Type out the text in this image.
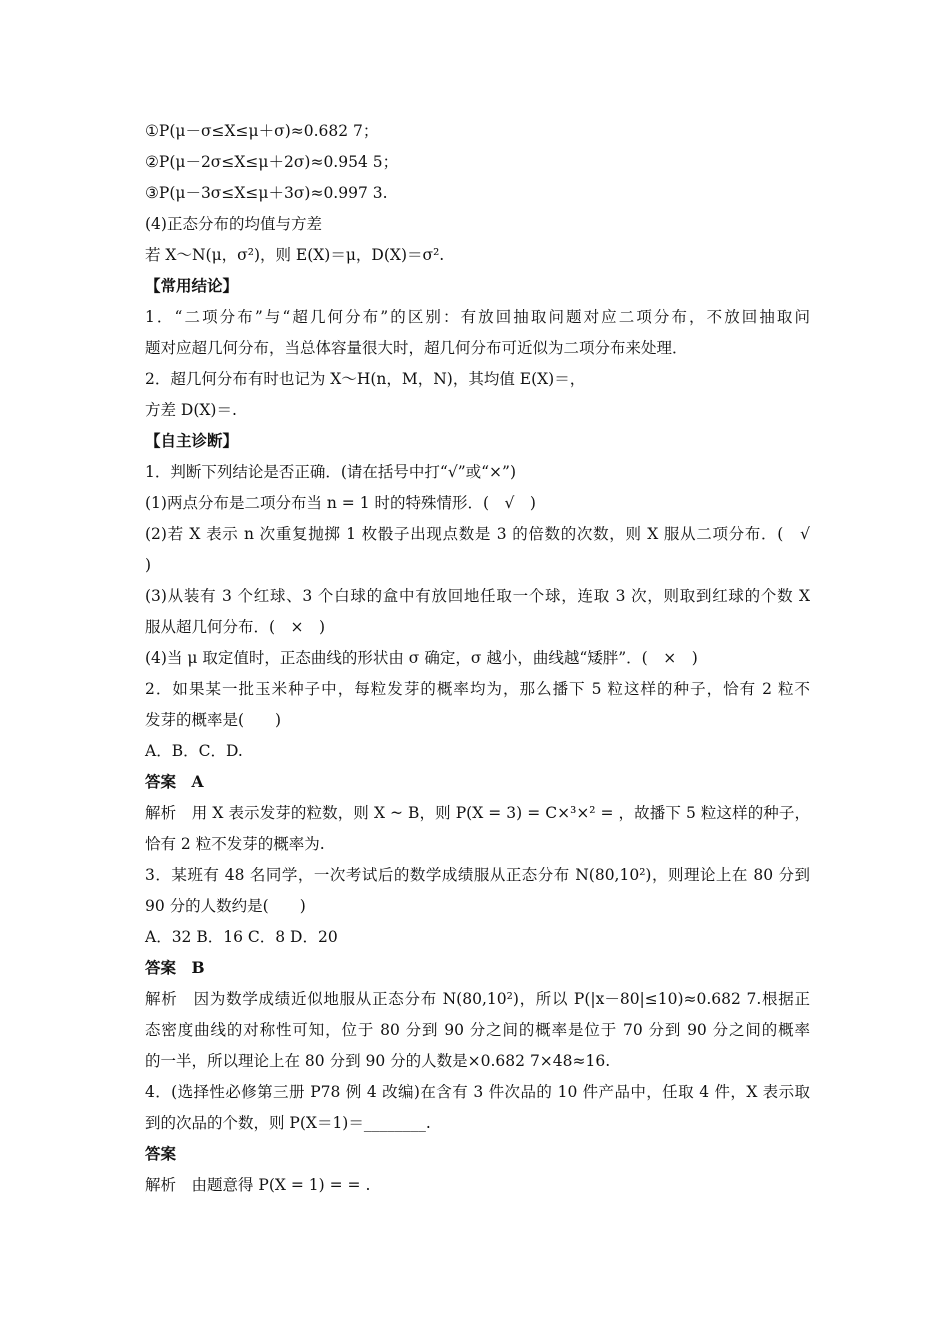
①P(μ－σ≤X≤μ＋σ)≈0.682 7；
②P(μ－2σ≤X≤μ＋2σ)≈0.954 5；
③P(μ－3σ≤X≤μ＋3σ)≈0.997 3.
(4)正态分布的均值与方差
若 X～N(μ，σ²)，则 E(X)＝μ，D(X)＝σ².
【常用结论】
1．“二项分布”与“超几何分布”的区别：有放回抽取问题对应二项分布，不放回抽取问
题对应超几何分布，当总体容量很大时，超几何分布可近似为二项分布来处理．
2．超几何分布有时也记为 X～H(n，M，N)，其均值 E(X)＝，
方差 D(X)＝.
【自主诊断】
1．判断下列结论是否正确．(请在括号中打“√”或“×”)
(1)两点分布是二项分布当 n = 1 时的特殊情形．(　√　)
(2)若 X 表示 n 次重复抛掷 1 枚骰子出现点数是 3 的倍数的次数，则 X 服从二项分布．(　√
)
(3)从装有 3 个红球、3 个白球的盒中有放回地任取一个球，连取 3 次，则取到红球的个数 X
服从超几何分布．(　×　)
(4)当 μ 取定值时，正态曲线的形状由 σ 确定，σ 越小，曲线越“矮胖”．(　×　)
2．如果某一批玉米种子中，每粒发芽的概率均为，那么播下 5 粒这样的种子，恰有 2 粒不
发芽的概率是(　　)
A．B．C．D.
答案　A
解析　用 X 表示发芽的粒数，则 X ~ B，则 P(X = 3) = C×³×² = ，故播下 5 粒这样的种子，
恰有 2 粒不发芽的概率为.
3．某班有 48 名同学，一次考试后的数学成绩服从正态分布 N(80,10²)，则理论上在 80 分到
90 分的人数约是(　　)
A．32 B．16 C．8 D．20
答案　B
解析　因为数学成绩近似地服从正态分布 N(80,10²)，所以 P(|x－80|≤10)≈0.682 7.根据正
态密度曲线的对称性可知，位于 80 分到 90 分之间的概率是位于 70 分到 90 分之间的概率
的一半，所以理论上在 80 分到 90 分的人数是×0.682 7×48≈16.
4．(选择性必修第三册 P78 例 4 改编)在含有 3 件次品的 10 件产品中，任取 4 件，X 表示取
到的次品的个数，则 P(X＝1)＝________.
答案
解析　由题意得 P(X = 1) = = .
